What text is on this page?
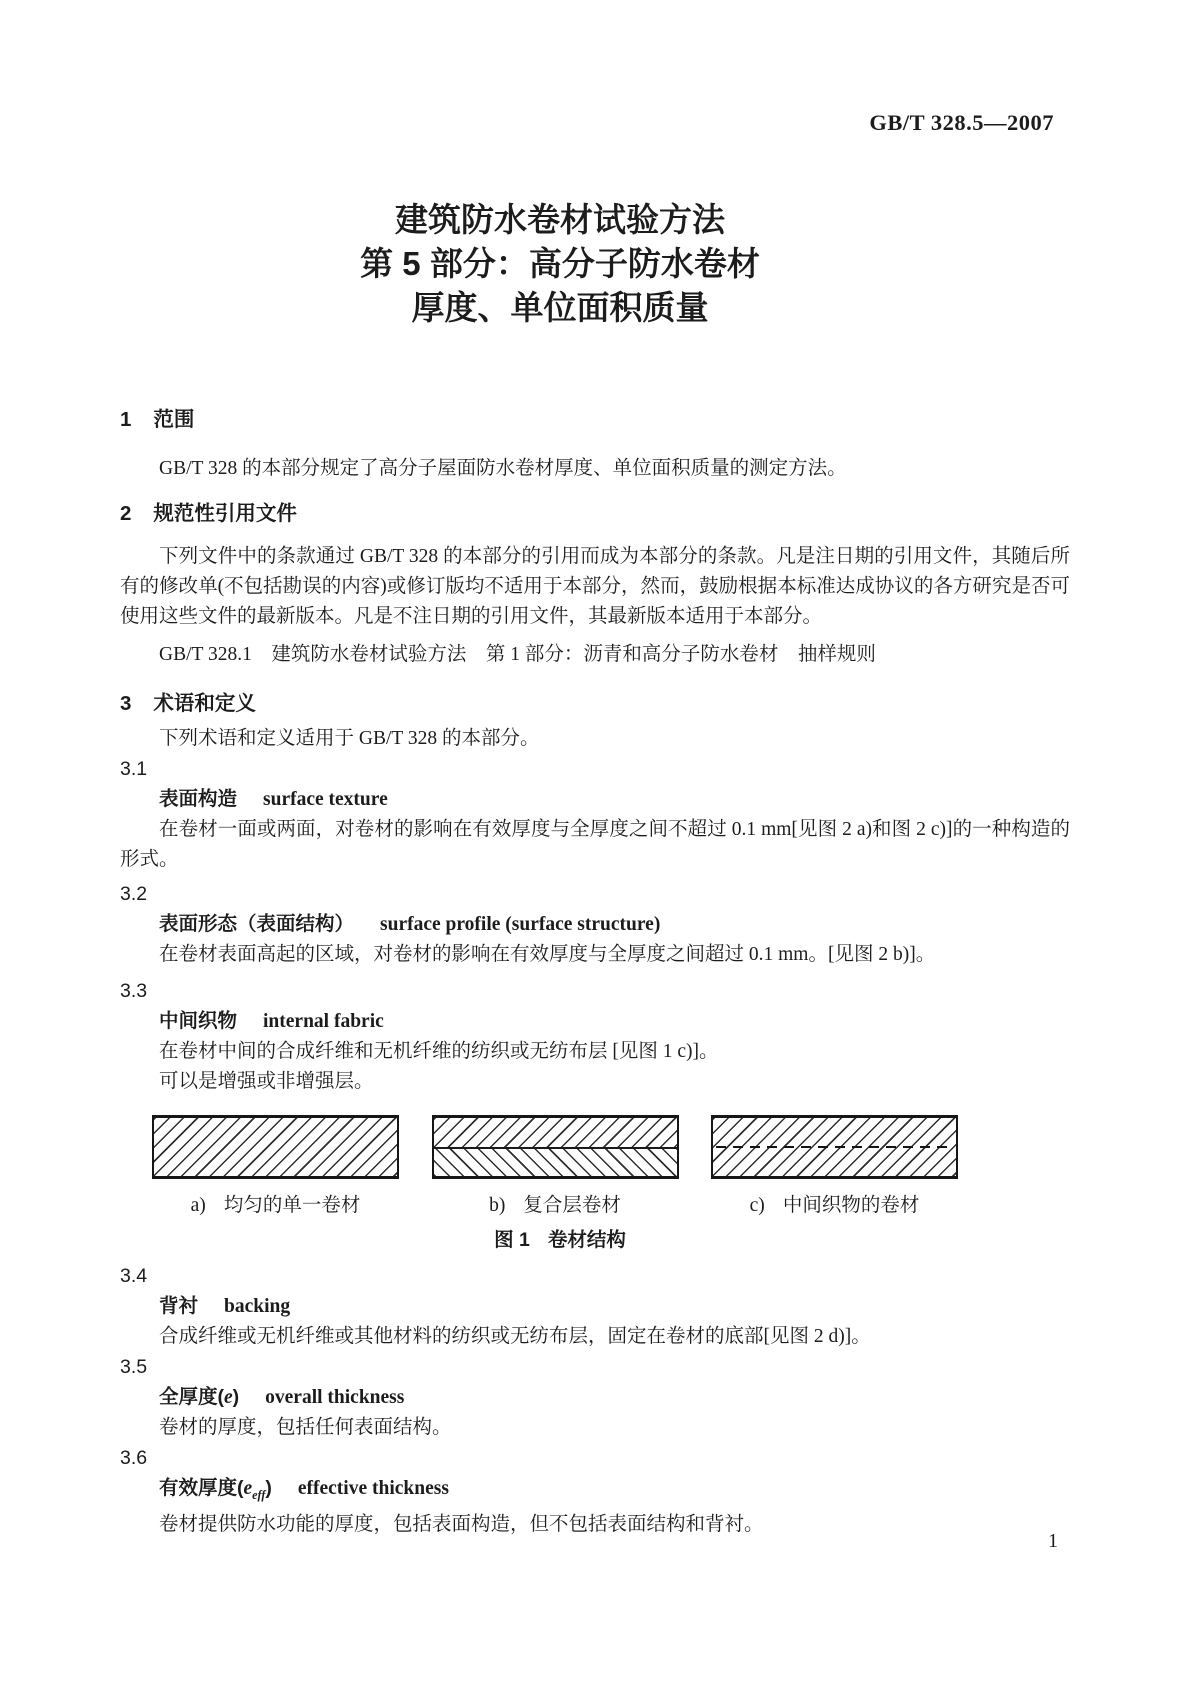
GB/T 328.5—2007
建筑防水卷材试验方法
第 5 部分：高分子防水卷材
厚度、单位面积质量
1 范围

GB/T 328 的本部分规定了高分子屋面防水卷材厚度、单位面积质量的测定方法。

2 规范性引用文件

下列文件中的条款通过 GB/T 328 的本部分的引用而成为本部分的条款。凡是注日期的引用文件，其随后所有的修改单(不包括勘误的内容)或修订版均不适用于本部分，然而，鼓励根据本标准达成协议的各方研究是否可使用这些文件的最新版本。凡是不注日期的引用文件，其最新版本适用于本部分。

GB/T 328.1　建筑防水卷材试验方法　第 1 部分：沥青和高分子防水卷材　抽样规则

3 术语和定义

下列术语和定义适用于 GB/T 328 的本部分。

3.1

表面构造 surface texture

在卷材一面或两面，对卷材的影响在有效厚度与全厚度之间不超过 0.1 mm[见图 2 a)和图 2 c)]的一种构造的形式。

3.2

表面形态（表面结构） surface profile (surface structure)

在卷材表面高起的区域，对卷材的影响在有效厚度与全厚度之间超过 0.1 mm。[见图 2 b)]。

3.3

中间织物 internal fabric

在卷材中间的合成纤维和无机纤维的纺织或无纺布层 [见图 1 c)]。

可以是增强或非增强层。

a) 均匀的单一卷材	b) 复合层卷材	c) 中间织物的卷材
图 1 卷材结构

3.4

背衬 backing

合成纤维或无机纤维或其他材料的纺织或无纺布层，固定在卷材的底部[见图 2 d)]。

3.5

全厚度(e) overall thickness

卷材的厚度，包括任何表面结构。

3.6

有效厚度$(e_{eff})$ effective thickness

卷材提供防水功能的厚度，包括表面构造，但不包括表面结构和背衬。

1
